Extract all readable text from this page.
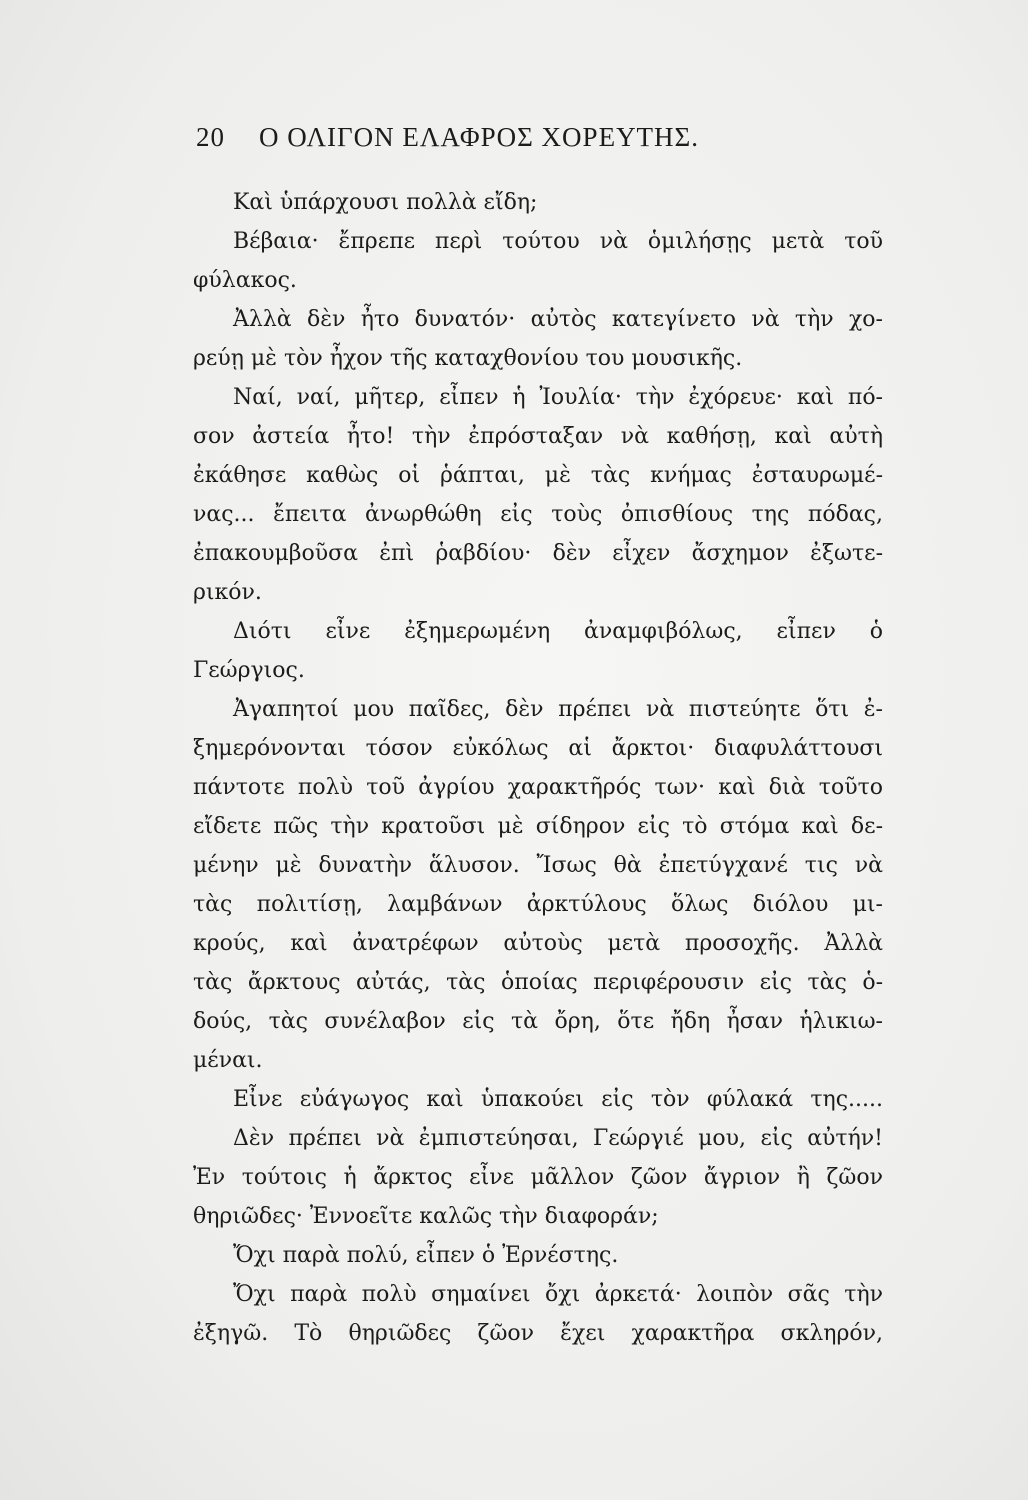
20 Ο ΟΛΙΓΟΝ ΕΛΑΦΡΟΣ ΧΟΡΕΥΤΗΣ.
Καὶ ὑπάρχουσι πολλὰ εἴδη;
Βέβαια· ἔπρεπε περὶ τούτου νὰ ὁμιλήσῃς μετὰ τοῦ
φύλακος.
Ἀλλὰ δὲν ἦτο δυνατόν· αὐτὸς κατεγίνετο νὰ τὴν χο-
ρεύῃ μὲ τὸν ἦχον τῆς καταχθονίου του μουσικῆς.
Ναί, ναί, μῆτερ, εἶπεν ἡ Ἰουλία· τὴν ἐχόρευε· καὶ πό-
σον ἀστεία ἦτο! τὴν ἐπρόσταξαν νὰ καθήσῃ, καὶ αὐτὴ
ἐκάθησε καθὼς οἱ ῥάπται, μὲ τὰς κνήμας ἐσταυρωμέ-
νας... ἔπειτα ἀνωρθώθη εἰς τοὺς ὀπισθίους της πόδας,
ἐπακουμβοῦσα ἐπὶ ῥαβδίου· δὲν εἶχεν ἄσχημον ἐξωτε-
ρικόν.
Διότι εἶνε ἐξημερωμένη ἀναμφιβόλως, εἶπεν ὁ
Γεώργιος.
Ἀγαπητοί μου παῖδες, δὲν πρέπει νὰ πιστεύητε ὅτι ἐ-
ξημερόνονται τόσον εὐκόλως αἱ ἄρκτοι· διαφυλάττουσι
πάντοτε πολὺ τοῦ ἀγρίου χαρακτῆρός των· καὶ διὰ τοῦτο
εἴδετε πῶς τὴν κρατοῦσι μὲ σίδηρον εἰς τὸ στόμα καὶ δε-
μένην μὲ δυνατὴν ἅλυσον. Ἴσως θὰ ἐπετύγχανέ τις νὰ
τὰς πολιτίσῃ, λαμβάνων ἀρκτύλους ὅλως διόλου μι-
κρούς, καὶ ἀνατρέφων αὐτοὺς μετὰ προσοχῆς. Ἀλλὰ
τὰς ἄρκτους αὐτάς, τὰς ὁποίας περιφέρουσιν εἰς τὰς ὁ-
δούς, τὰς συνέλαβον εἰς τὰ ὄρη, ὅτε ἤδη ἦσαν ἡλικιω-
μέναι.
Εἶνε εὐάγωγος καὶ ὑπακούει εἰς τὸν φύλακά της.....
Δὲν πρέπει νὰ ἐμπιστεύησαι, Γεώργιέ μου, εἰς αὐτήν!
Ἐν τούτοις ἡ ἄρκτος εἶνε μᾶλλον ζῶον ἄγριον ἢ ζῶον
θηριῶδες· Ἐννοεῖτε καλῶς τὴν διαφοράν;
Ὄχι παρὰ πολύ, εἶπεν ὁ Ἐρνέστης.
Ὄχι παρὰ πολὺ σημαίνει ὄχι ἀρκετά· λοιπὸν σᾶς τὴν
ἐξηγῶ. Τὸ θηριῶδες ζῶον ἔχει χαρακτῆρα σκληρόν,
